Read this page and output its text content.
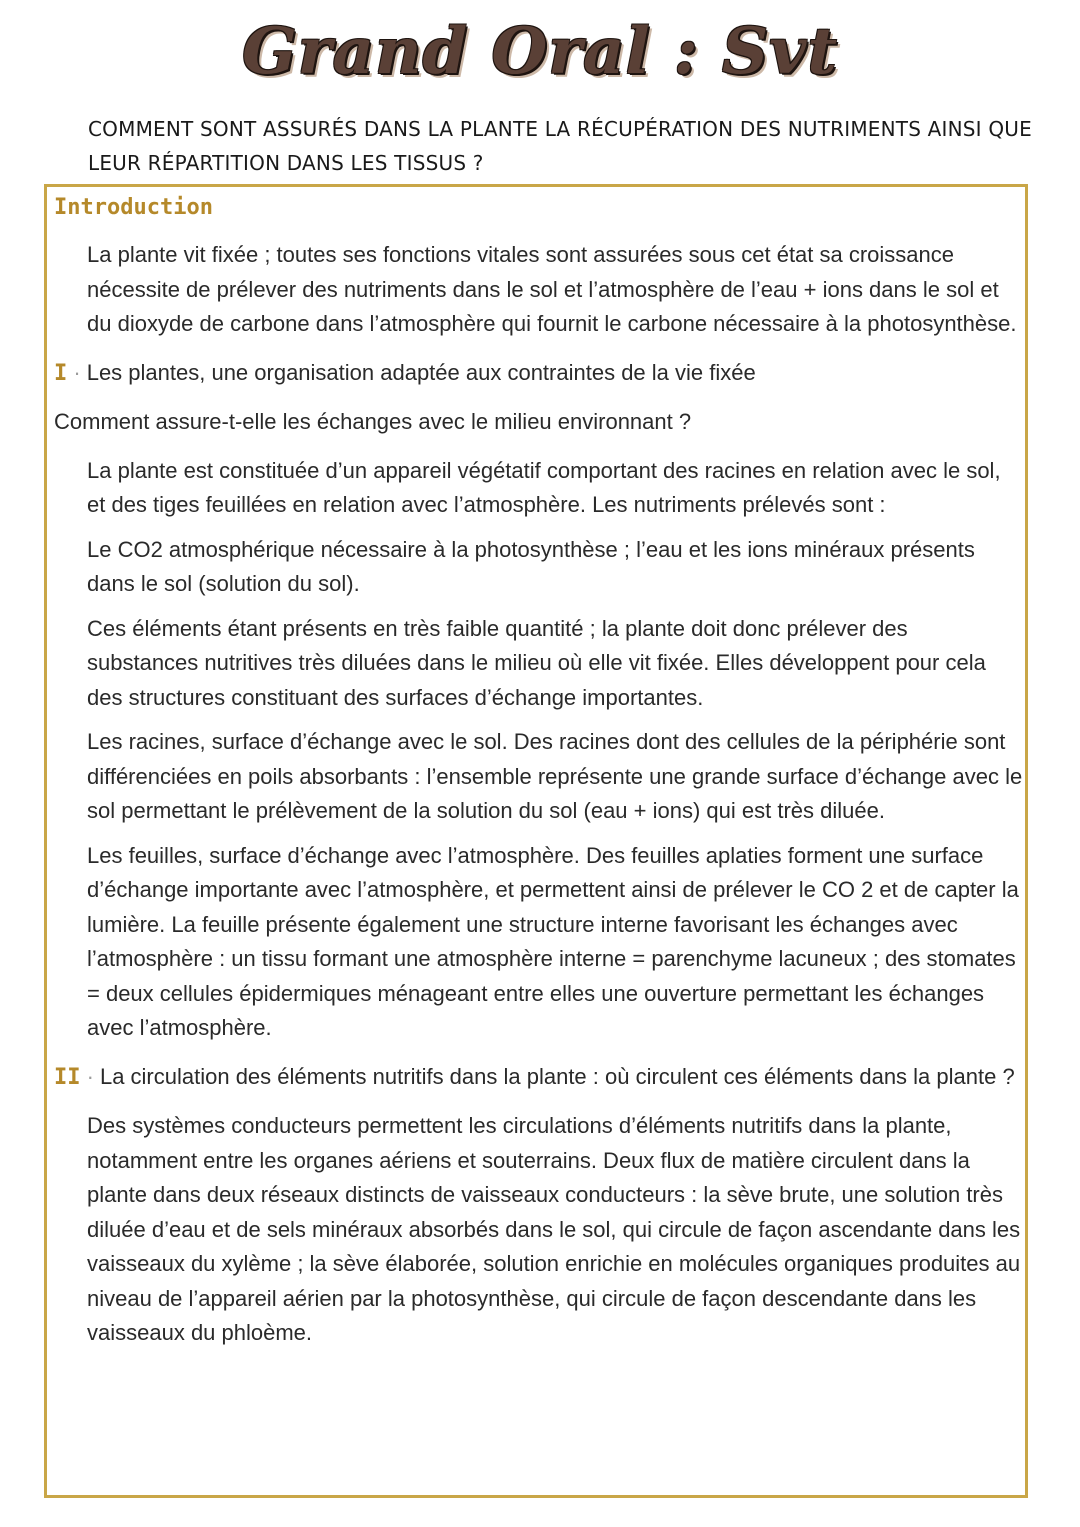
Grand Oral : Svt
COMMENT SONT ASSURÉS DANS LA PLANTE LA RÉCUPÉRATION DES NUTRIMENTS AINSI QUE LEUR RÉPARTITION DANS LES TISSUS ?
Introduction

La plante vit fixée ; toutes ses fonctions vitales sont assurées sous cet état sa croissance nécessite de prélever des nutriments dans le sol et l’atmosphère de l’eau + ions dans le sol et du dioxyde de carbone dans l’atmosphère qui fournit le carbone nécessaire à la photosynthèse.

I · Les plantes, une organisation adaptée aux contraintes de la vie fixée

Comment assure-t-elle les échanges avec le milieu environnant ?

La plante est constituée d’un appareil végétatif comportant des racines en relation avec le sol, et des tiges feuillées en relation avec l’atmosphère. Les nutriments prélevés sont :

Le CO2 atmosphérique nécessaire à la photosynthèse ; l’eau et les ions minéraux présents dans le sol (solution du sol).

Ces éléments étant présents en très faible quantité ; la plante doit donc prélever des substances nutritives très diluées dans le milieu où elle vit fixée. Elles développent pour cela des structures constituant des surfaces d’échange importantes.

Les racines, surface d’échange avec le sol. Des racines dont des cellules de la périphérie sont différenciées en poils absorbants : l’ensemble représente une grande surface d’échange avec le sol permettant le prélèvement de la solution du sol (eau + ions) qui est très diluée.

Les feuilles, surface d’échange avec l’atmosphère. Des feuilles aplaties forment une surface d’échange importante avec l’atmosphère, et permettent ainsi de prélever le CO 2 et de capter la lumière. La feuille présente également une structure interne favorisant les échanges avec l’atmosphère : un tissu formant une atmosphère interne = parenchyme lacuneux ; des stomates = deux cellules épidermiques ménageant entre elles une ouverture permettant les échanges avec l’atmosphère.

II · La circulation des éléments nutritifs dans la plante : où circulent ces éléments dans la plante ?

Des systèmes conducteurs permettent les circulations d’éléments nutritifs dans la plante, notamment entre les organes aériens et souterrains. Deux flux de matière circulent dans la plante dans deux réseaux distincts de vaisseaux conducteurs : la sève brute, une solution très diluée d’eau et de sels minéraux absorbés dans le sol, qui circule de façon ascendante dans les vaisseaux du xylème ; la sève élaborée, solution enrichie en molécules organiques produites au niveau de l’appareil aérien par la photosynthèse, qui circule de façon descendante dans les vaisseaux du phloème.
